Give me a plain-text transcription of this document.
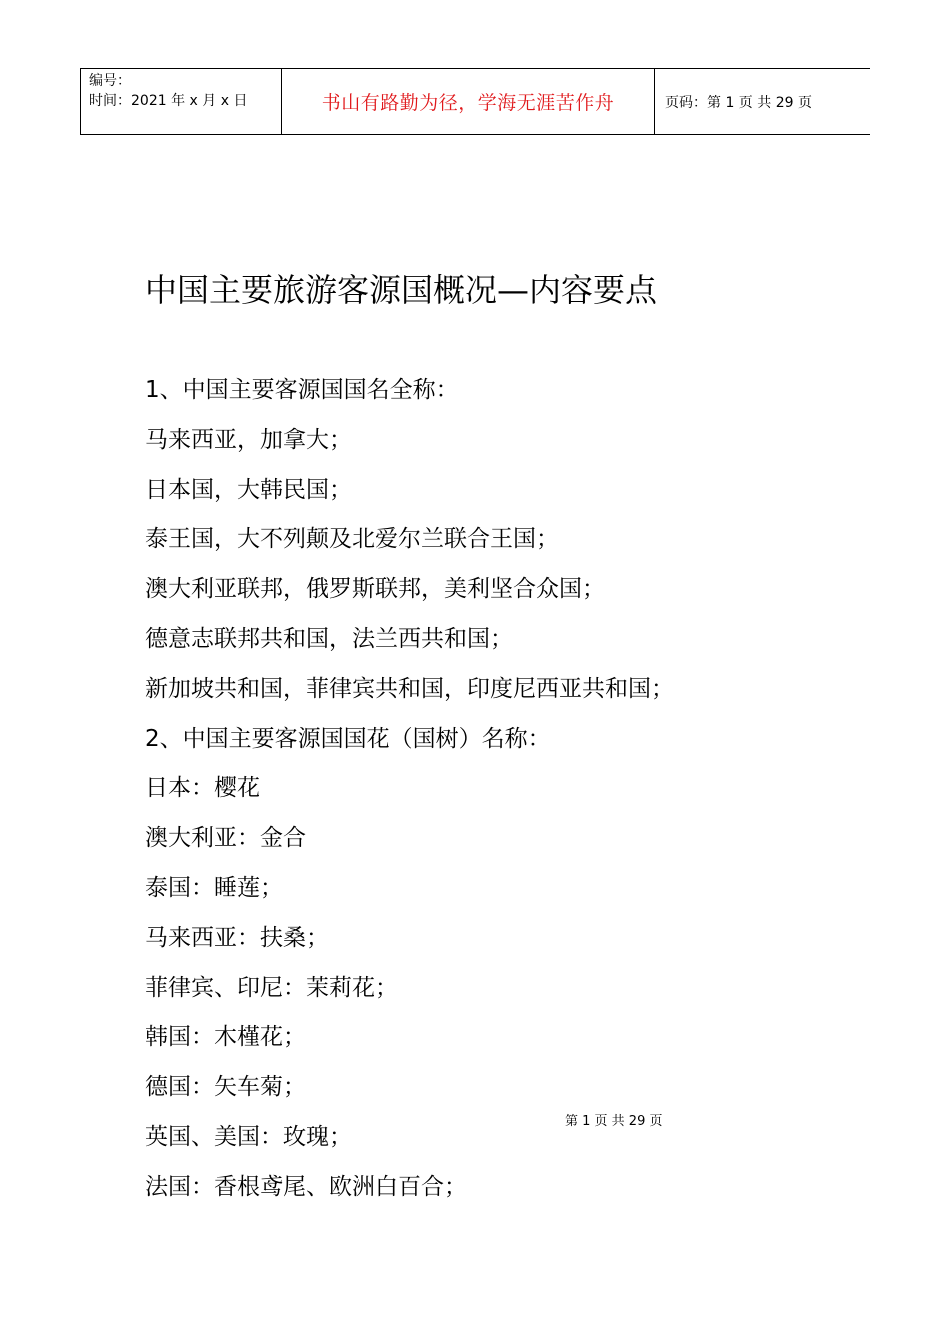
编号：
时间：2021 年 x 月 x 日	书山有路勤为径，学海无涯苦作舟	页码：第 1 页 共 29 页
中国主要旅游客源国概况—内容要点
1、中国主要客源国国名全称：
马来西亚，加拿大；
日本国，大韩民国；
泰王国，大不列颠及北爱尔兰联合王国；
澳大利亚联邦，俄罗斯联邦，美利坚合众国；
德意志联邦共和国，法兰西共和国；
新加坡共和国，菲律宾共和国，印度尼西亚共和国；
2、中国主要客源国国花（国树）名称：
日本：樱花
澳大利亚：金合
泰国：睡莲；
马来西亚：扶桑；
菲律宾、印尼：茉莉花；
韩国：木槿花；
德国：矢车菊；
英国、美国：玫瑰；
法国：香根鸢尾、欧洲白百合；
第 1 页 共 29 页
